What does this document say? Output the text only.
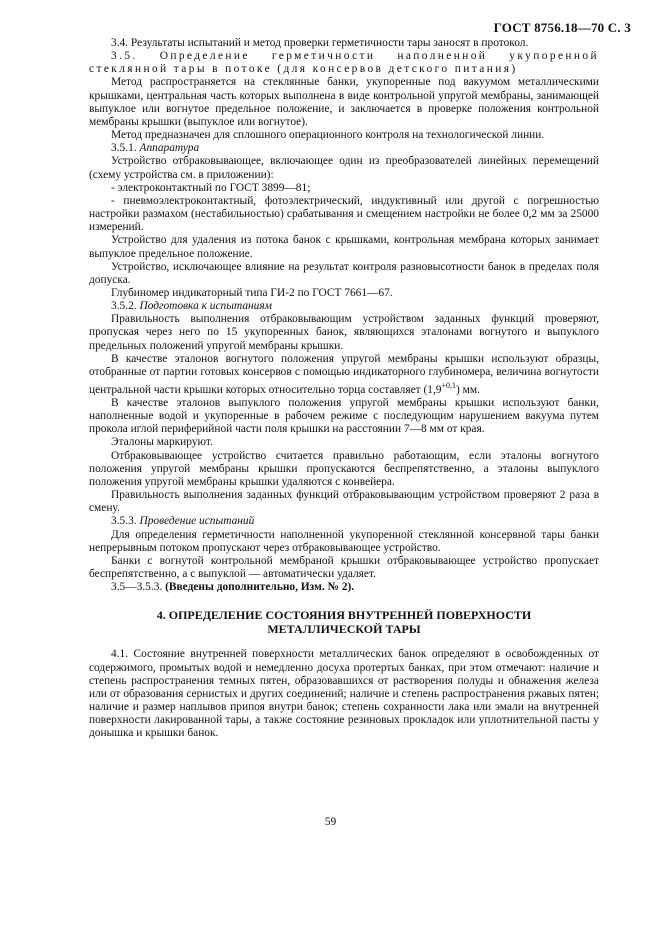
ГОСТ 8756.18—70 С. 3

3.4. Результаты испытаний и метод проверки герметичности тары заносят в протокол.

3.5. Определение герметичности наполненной укупоренной стеклянной тары в потоке (для консервов детского питания)

Метод распространяется на стеклянные банки, укупоренные под вакуумом металлическими крышками, центральная часть которых выполнена в виде контрольной упругой мембраны, занимающей выпуклое или вогнутое предельное положение, и заключается в проверке положения контрольной мембраны крышки (выпуклое или вогнутое).

Метод предназначен для сплошного операционного контроля на технологической линии.

3.5.1. Аппаратура

Устройство отбраковывающее, включающее один из преобразователей линейных перемещений (схему устройства см. в приложении):

- электроконтактный по ГОСТ 3899—81;

- пневмоэлектроконтактный, фотоэлектрический, индуктивный или другой с погрешностью настройки размахом (нестабильностью) срабатывания и смещением настройки не более 0,2 мм за 25000 измерений.

Устройство для удаления из потока банок с крышками, контрольная мембрана которых занимает выпуклое предельное положение.

Устройство, исключающее влияние на результат контроля разновысотности банок в пределах поля допуска.

Глубиномер индикаторный типа ГИ-2 по ГОСТ 7661—67.

3.5.2. Подготовка к испытаниям

Правильность выполнения отбраковывающим устройством заданных функций проверяют, пропуская через него по 15 укупоренных банок, являющихся эталонами вогнутого и выпуклого предельных положений упругой мембраны крышки.

В качестве эталонов вогнутого положения упругой мембраны крышки используют образцы, отобранные от партии готовых консервов с помощью индикаторного глубиномера, величина вогнутости центральной части крышки которых относительно торца составляет $(1,9^{+0,1})$ мм.

В качестве эталонов выпуклого положения упругой мембраны крышки используют банки, наполненные водой и укупоренные в рабочем режиме с последующим нарушением вакуума путем прокола иглой периферийной части поля крышки на расстоянии 7—8 мм от края.

Эталоны маркируют.

Отбраковывающее устройство считается правильно работающим, если эталоны вогнутого положения упругой мембраны крышки пропускаются беспрепятственно, а эталоны выпуклого положения упругой мембраны крышки удаляются с конвейера.

Правильность выполнения заданных функций отбраковывающим устройством проверяют 2 раза в смену.

3.5.3. Проведение испытаний

Для определения герметичности наполненной укупоренной стеклянной консервной тары банки непрерывным потоком пропускают через отбраковывающее устройство.

Банки с вогнутой контрольной мембраной крышки отбраковывающее устройство пропускает беспрепятственно, а с выпуклой — автоматически удаляет.

3.5—3.5.3. (Введены дополнительно, Изм. № 2).

4. ОПРЕДЕЛЕНИЕ СОСТОЯНИЯ ВНУТРЕННЕЙ ПОВЕРХНОСТИ
МЕТАЛЛИЧЕСКОЙ ТАРЫ

4.1. Состояние внутренней поверхности металлических банок определяют в освобожденных от содержимого, промытых водой и немедленно досуха протертых банках, при этом отмечают: наличие и степень распространения темных пятен, образовавшихся от растворения полуды и обнажения железа или от образования сернистых и других соединений; наличие и степень распространения ржавых пятен; наличие и размер наплывов припоя внутри банок; степень сохранности лака или эмали на внутренней поверхности лакированной тары, а также состояние резиновых прокладок или уплотнительной пасты у донышка и крышки банок.

59
